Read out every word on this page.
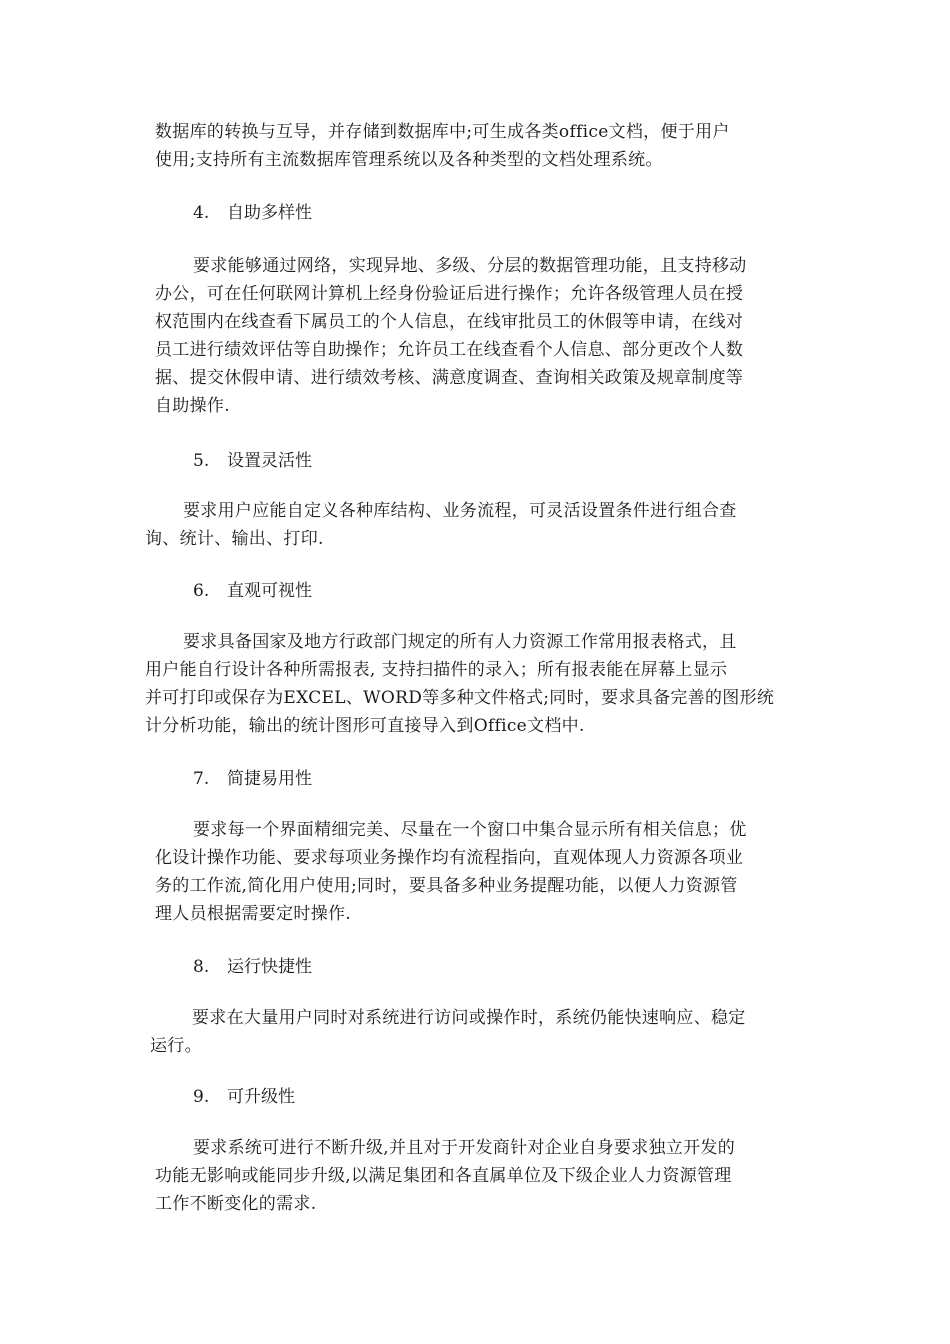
数据库的转换与互导，并存储到数据库中;可生成各类office文档，便于用户
使用;支持所有主流数据库管理系统以及各种类型的文档处理系统。
4. 自助多样性
要求能够通过网络，实现异地、多级、分层的数据管理功能，且支持移动
办公，可在任何联网计算机上经身份验证后进行操作；允许各级管理人员在授
权范围内在线查看下属员工的个人信息，在线审批员工的休假等申请，在线对
员工进行绩效评估等自助操作；允许员工在线查看个人信息、部分更改个人数
据、提交休假申请、进行绩效考核、满意度调查、查询相关政策及规章制度等
自助操作.
5. 设置灵活性
要求用户应能自定义各种库结构、业务流程，可灵活设置条件进行组合查
询、统计、输出、打印.
6. 直观可视性
要求具备国家及地方行政部门规定的所有人力资源工作常用报表格式，且
用户能自行设计各种所需报表, 支持扫描件的录入；所有报表能在屏幕上显示
并可打印或保存为EXCEL、WORD等多种文件格式;同时，要求具备完善的图形统
计分析功能，输出的统计图形可直接导入到Office文档中.
7. 简捷易用性
要求每一个界面精细完美、尽量在一个窗口中集合显示所有相关信息；优
化设计操作功能、要求每项业务操作均有流程指向，直观体现人力资源各项业
务的工作流,简化用户使用;同时，要具备多种业务提醒功能，以便人力资源管
理人员根据需要定时操作.
8. 运行快捷性
要求在大量用户同时对系统进行访问或操作时，系统仍能快速响应、稳定
运行。
9. 可升级性
要求系统可进行不断升级,并且对于开发商针对企业自身要求独立开发的
功能无影响或能同步升级,以满足集团和各直属单位及下级企业人力资源管理
工作不断变化的需求.
